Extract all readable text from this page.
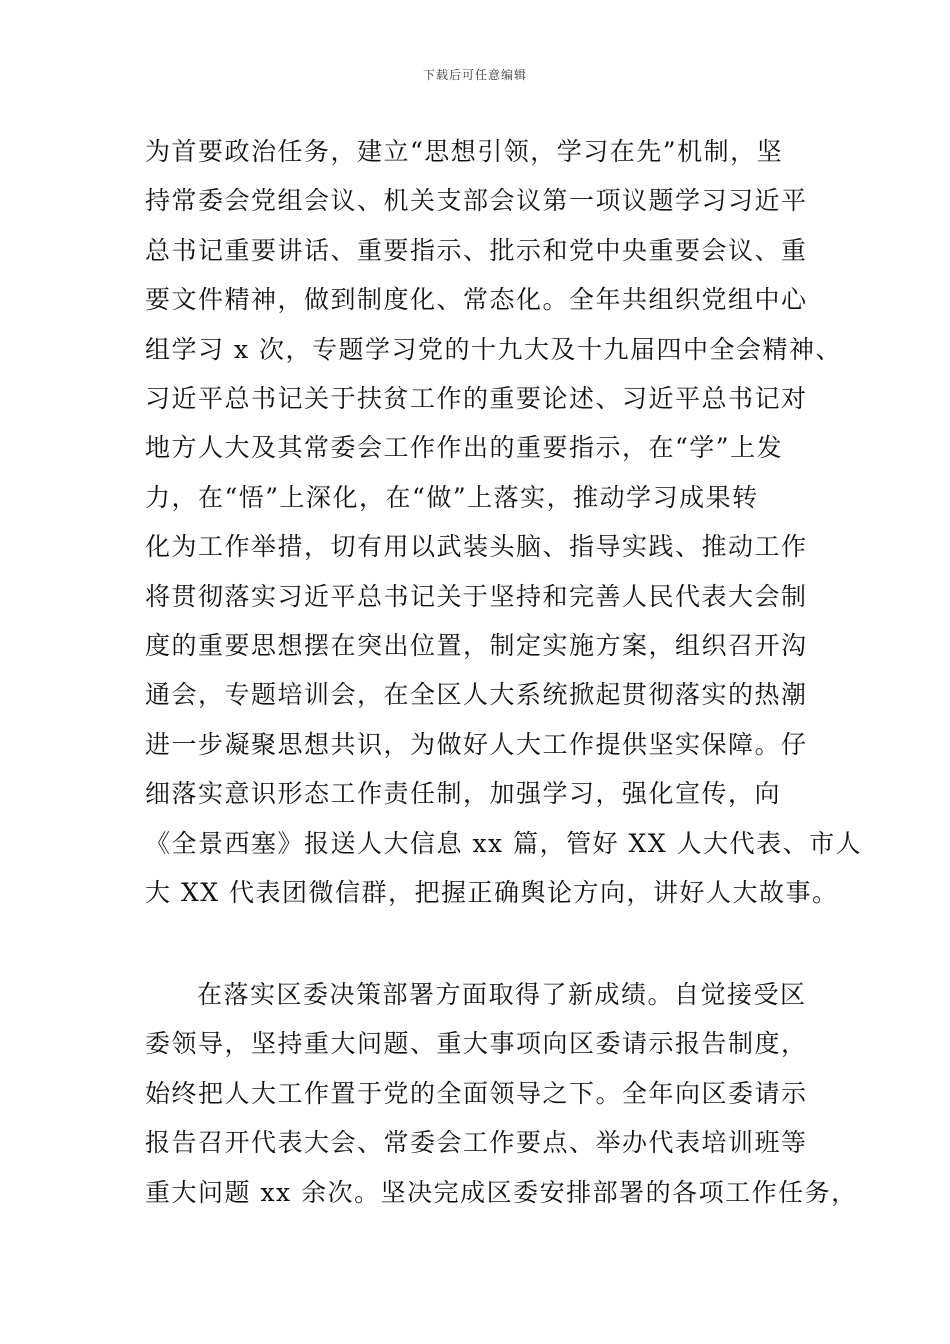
下载后可任意编辑
为首要政治任务，建立“思想引领，学习在先”机制，坚
持常委会党组会议、机关支部会议第一项议题学习习近平
总书记重要讲话、重要指示、批示和党中央重要会议、重
要文件精神，做到制度化、常态化。全年共组织党组中心
组学习 x 次，专题学习党的十九大及十九届四中全会精神、
习近平总书记关于扶贫工作的重要论述、习近平总书记对
地方人大及其常委会工作作出的重要指示，在“学”上发
力，在“悟”上深化，在“做”上落实，推动学习成果转
化为工作举措，切有用以武装头脑、指导实践、推动工作
将贯彻落实习近平总书记关于坚持和完善人民代表大会制
度的重要思想摆在突出位置，制定实施方案，组织召开沟
通会，专题培训会，在全区人大系统掀起贯彻落实的热潮
进一步凝聚思想共识，为做好人大工作提供坚实保障。仔
细落实意识形态工作责任制，加强学习，强化宣传，向
《全景西塞》报送人大信息 xx 篇，管好 XX 人大代表、市人
大 XX 代表团微信群，把握正确舆论方向，讲好人大故事。
在落实区委决策部署方面取得了新成绩。自觉接受区
委领导，坚持重大问题、重大事项向区委请示报告制度，
始终把人大工作置于党的全面领导之下。全年向区委请示
报告召开代表大会、常委会工作要点、举办代表培训班等
重大问题 xx 余次。坚决完成区委安排部署的各项工作任务，
